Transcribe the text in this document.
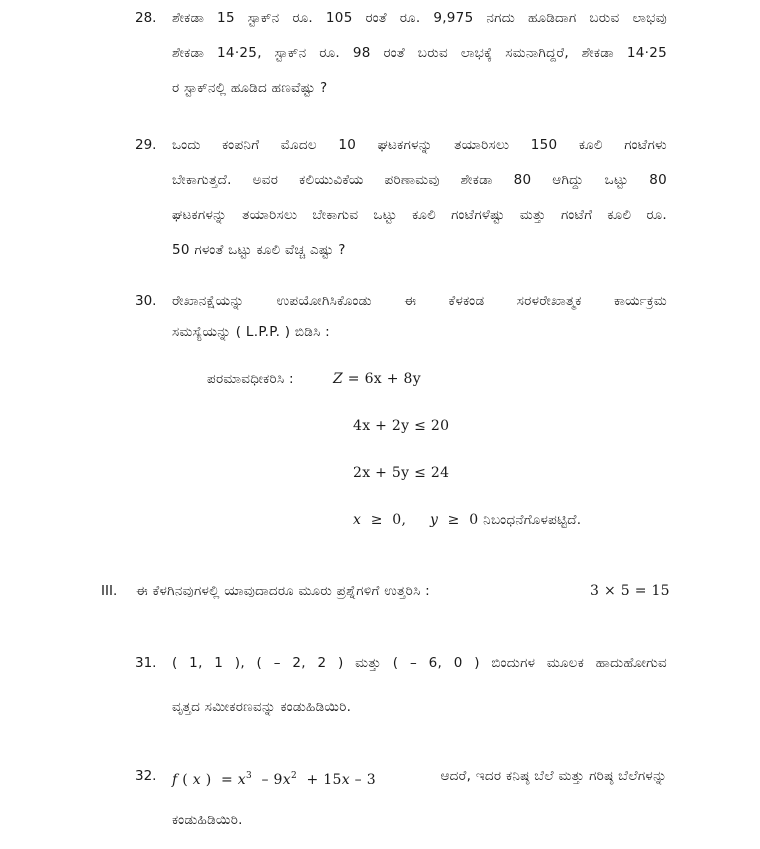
28. ಶೇಕಡಾ 15 ಸ್ಟಾಕ್‌ನ ರೂ. 105 ರಂತೆ ರೂ. 9,975 ನಗದು ಹೂಡಿದಾಗ ಬರುವ ಲಾಭವು
ಶೇಕಡಾ 14·25, ಸ್ಟಾಕ್‌ನ ರೂ. 98 ರಂತೆ ಬರುವ ಲಾಭಕ್ಕೆ ಸಮನಾಗಿದ್ದರೆ, ಶೇಕಡಾ 14·25
ರ ಸ್ಟಾಕ್‌ನಲ್ಲಿ ಹೂಡಿದ ಹಣವೆಷ್ಟು ?
29. ಒಂದು ಕಂಪನಿಗೆ ಮೊದಲ 10 ಘಟಕಗಳನ್ನು ತಯಾರಿಸಲು 150 ಕೂಲಿ ಗಂಟೆಗಳು
ಬೇಕಾಗುತ್ತದೆ. ಅವರ ಕಲಿಯುವಿಕೆಯ ಪರಿಣಾಮವು ಶೇಕಡಾ 80 ಆಗಿದ್ದು ಒಟ್ಟು 80
ಘಟಕಗಳನ್ನು ತಯಾರಿಸಲು ಬೇಕಾಗುವ ಒಟ್ಟು ಕೂಲಿ ಗಂಟೆಗಳೆಷ್ಟು ಮತ್ತು ಗಂಟೆಗೆ ಕೂಲಿ ರೂ.
50 ಗಳಂತೆ ಒಟ್ಟು ಕೂಲಿ ವೆಚ್ಚ ಎಷ್ಟು ?
30. ರೇಖಾನಕ್ಷೆಯನ್ನು ಉಪಯೋಗಿಸಿಕೊಂಡು ಈ ಕೆಳಕಂಡ ಸರಳರೇಖಾತ್ಮಕ ಕಾರ್ಯಕ್ರಮ
ಸಮಸ್ಯೆಯನ್ನು ( L.P.P. ) ಬಿಡಿಸಿ :
ಪರಮಾವಧೀಕರಿಸಿ :	Z = 6x + 8y
4x + 2y ≤ 20
2x + 5y ≤ 24
x  ≥  0,     y  ≥  0 ನಿಬಂಧನೆಗೊಳಪಟ್ಟಿದೆ.
III. ಈ ಕೆಳಗಿನವುಗಳಲ್ಲಿ ಯಾವುದಾದರೂ ಮೂರು ಪ್ರಶ್ನೆಗಳಿಗೆ ಉತ್ತರಿಸಿ :	3 × 5 = 15
31. ( 1, 1 ), ( – 2, 2 ) ಮತ್ತು ( – 6, 0 ) ಬಿಂದುಗಳ ಮೂಲಕ ಹಾದುಹೋಗುವ
ವೃತ್ತದ ಸಮೀಕರಣವನ್ನು ಕಂಡುಹಿಡಿಯಿರಿ.
32. f ( x )  = $x^3 - 9x^2 + 15x - 3$	ಆದರೆ, ಇದರ ಕನಿಷ್ಠ ಬೆಲೆ ಮತ್ತು ಗರಿಷ್ಠ ಬೆಲೆಗಳನ್ನು
ಕಂಡುಹಿಡಿಯಿರಿ.
